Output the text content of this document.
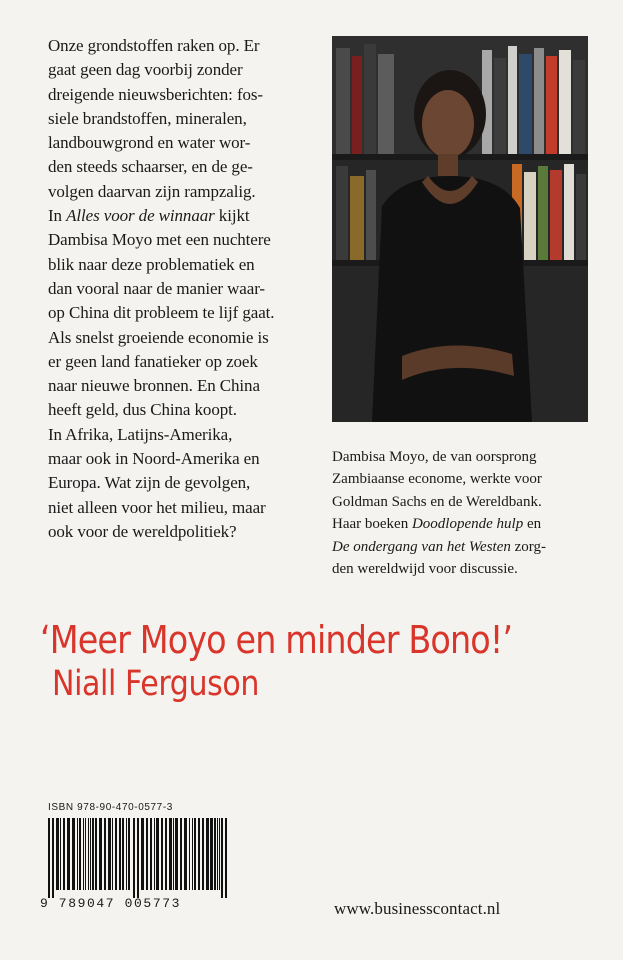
Onze grondstoffen raken op. Er
gaat geen dag voorbij zonder
dreigende nieuwsberichten: fos-
siele brandstoffen, mineralen,
landbouwgrond en water wor-
den steeds schaarser, en de ge-
volgen daarvan zijn rampzalig.
In Alles voor de winnaar kijkt
Dambisa Moyo met een nuchtere
blik naar deze problematiek en
dan vooral naar de manier waar-
op China dit probleem te lijf gaat.
Als snelst groeiende economie is
er geen land fanatieker op zoek
naar nieuwe bronnen. En China
heeft geld, dus China koopt.
In Afrika, Latijns-Amerika,
maar ook in Noord-Amerika en
Europa. Wat zijn de gevolgen,
niet alleen voor het milieu, maar
ook voor de wereldpolitiek?
Dambisa Moyo, de van oorsprong
Zambiaanse econome, werkte voor
Goldman Sachs en de Wereldbank.
Haar boeken Doodlopende hulp en
De ondergang van het Westen zorg-
den wereldwijd voor discussie.
‘Meer Moyo en minder Bono!’
Niall Ferguson
ISBN 978-90-470-0577-3
9 789047 005773	www.businesscontact.nl
